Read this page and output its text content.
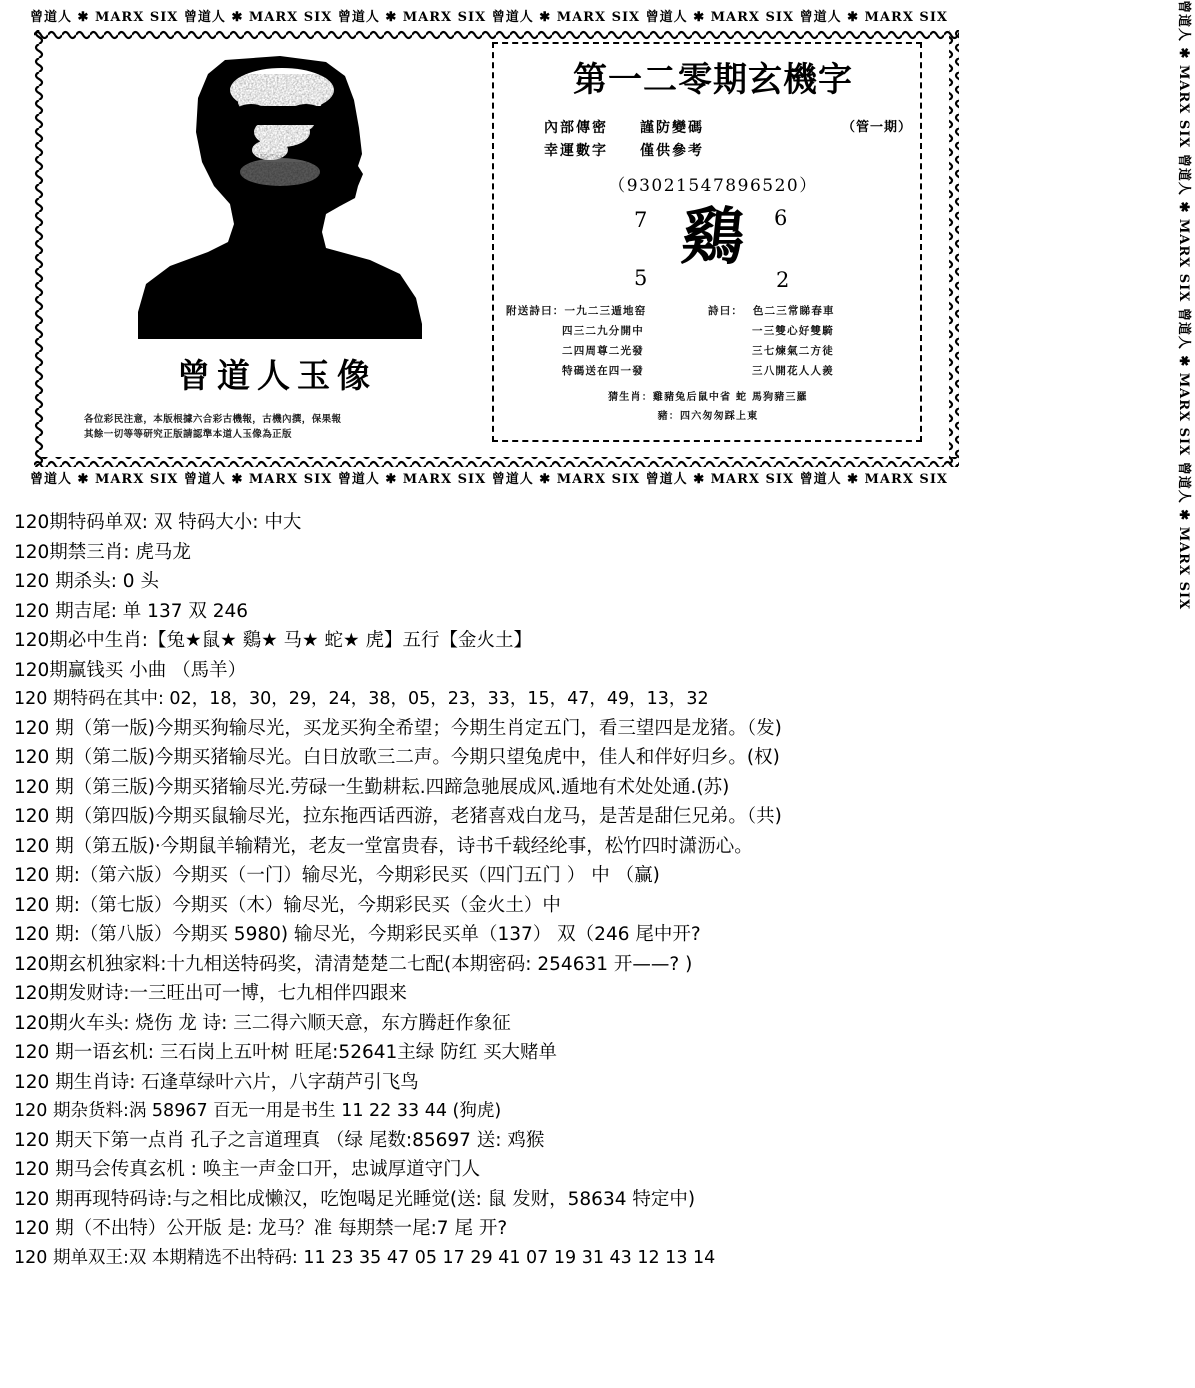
曾道人 ✱ MARX SIX 曾道人 ✱ MARX SIX 曾道人 ✱ MARX SIX 曾道人 ✱ MARX SIX 曾道人 ✱ MARX SIX 曾道人 ✱ MARX SIX
曾道人 ✱ MARX SIX 曾道人 ✱ MARX SIX 曾道人 ✱ MARX SIX 曾道人 ✱ MARX SIX 曾道人 ✱ MARX SIX 曾道人 ✱ MARX SIX	曾道人 ✱ MARX SIX 曾道人 ✱ MARX SIX 曾道人 ✱ MARX SIX 曾道人 ✱ MARX SIX
曾道人玉像
各位彩民注意，本版根據六合彩古機報，古機內撰，保果報
其餘一切等等研究正版請認準本道人玉像為正版
第一二零期玄機字
內部傳密 謹防變碼
幸運數字 僅供參考
（管一期）
（93021547896520）
7	6
5	2
鷄
附送詩曰：一九二三遁地窑
四三二九分開中
二四周尊二光發
特碼送在四一發
詩曰： 色二三常睇春車
一三雙心好雙騎
三七煉氣二方徒
三八開花人人羨
猜生肖：雞豬兔后鼠中省 蛇 馬狗豬三羅
豬：四六匆匆踩上東
120期特码单双: 双 特码大小: 中大
120期禁三肖: 虎马龙
120 期杀头: 0 头
120 期吉尾: 单 137 双 246
120期必中生肖:【兔★鼠★ 鷄★ 马★ 蛇★ 虎】五行【金火土】
120期赢钱买 小曲 （馬羊）
120 期特码在其中: 02，18，30，29，24，38，05，23，33，15，47，49，13，32
120 期（第一版)今期买狗输尽光，买龙买狗全希望；今期生肖定五门，看三望四是龙猪。（发)
120 期（第二版)今期买猪输尽光。白日放歌三二声。今期只望兔虎中，佳人和伴好归乡。(权)
120 期（第三版)今期买猪输尽光.劳碌一生勤耕耘.四蹄急驰展成风.遁地有术处处通.(苏)
120 期（第四版)今期买鼠输尽光，拉东拖西话西游，老猪喜戏白龙马，是苦是甜仨兄弟。（共)
120 期（第五版)·今期鼠羊输精光，老友一堂富贵春，诗书千载经纶事，松竹四时潇沥心。
120 期:（第六版）今期买（一门）输尽光，今期彩民买（四门五门 ） 中 （赢)
120 期:（第七版）今期买（木）输尽光，今期彩民买（金火土）中
120 期:（第八版）今期买 5980) 输尽光，今期彩民买单（137） 双（246 尾中开?
120期玄机独家料:十九相送特码奖，清清楚楚二七配(本期密码: 254631 开——? )
120期发财诗:一三旺出可一博，七九相伴四跟来
120期火车头: 烧伤 龙 诗: 三二得六顺天意，东方腾赶作象征
120 期一语玄机: 三石岗上五叶树 旺尾:52641主绿 防红 买大赌单
120 期生肖诗: 石逢草绿叶六片，八字葫芦引飞鸟
120 期杂货料:涡 58967 百无一用是书生 11 22 33 44 (狗虎)
120 期天下第一点肖 孔子之言道理真 （绿 尾数:85697 送: 鸡猴
120 期马会传真玄机 : 唤主一声金口开，忠诚厚道守门人
120 期再现特码诗:与之相比成懒汉，吃饱喝足光睡觉(送: 鼠 发财，58634 特定中)
120 期（不出特）公开版 是: 龙马？准 每期禁一尾:7 尾 开?
120 期单双王:双 本期精选不出特码: 11 23 35 47 05 17 29 41 07 19 31 43 12 13 14
